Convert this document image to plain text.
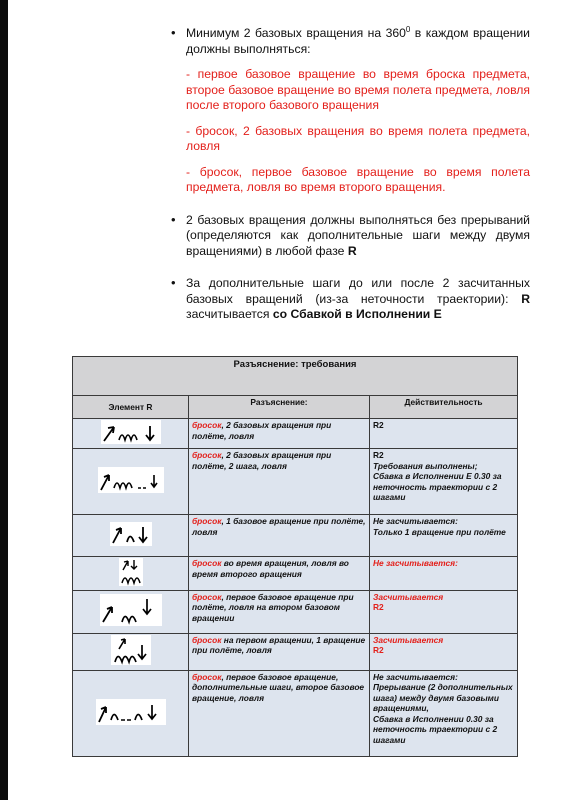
• Минимум 2 базовых вращения на $360^0$ в каждом вращении должны выполняться:
- первое базовое вращение во время броска предмета, второе базовое вращение во время полета предмета, ловля после второго базового вращения
- бросок, 2 базовых вращения во время полета предмета, ловля
- бросок, первое базовое вращение во время полета предмета, ловля во время второго вращения.
• 2 базовых вращения должны выполняться без прерываний (определяются как дополнительные шаги между двумя вращениями) в любой фазе R
• За дополнительные шаги до или после 2 засчитанных базовых вращений (из-за неточности траектории): R засчитывается со Сбавкой в Исполнении Е
Разъяснение: требования		
Элемент R	Разъяснение:	Действительность
	бросок, 2 базовых вращения при полёте, ловля	R2
	бросок, 2 базовых вращения при полёте, 2 шага, ловля	R2
Требования выполнены;
Сбавка в Исполнении Е 0.30 за неточность траектории с 2 шагами

	бросок, 1 базовое вращение при полёте, ловля	Не засчитывается:
Только 1 вращение при полёте

	бросок во время вращения, ловля во время второго вращения	Не засчитывается:

	бросок, первое базовое вращение при полёте, ловля на втором базовом вращении	Засчитывается
R2

	бросок на первом вращении, 1 вращение при полёте, ловля	Засчитывается
R2

	бросок, первое базовое вращение, дополнительные шаги, второе базовое вращение, ловля	Не засчитывается:
Прерывание (2 дополнительных шага) между двумя базовыми вращениями,
Сбавка в Исполнении 0.30 за неточность траектории с 2 шагами
